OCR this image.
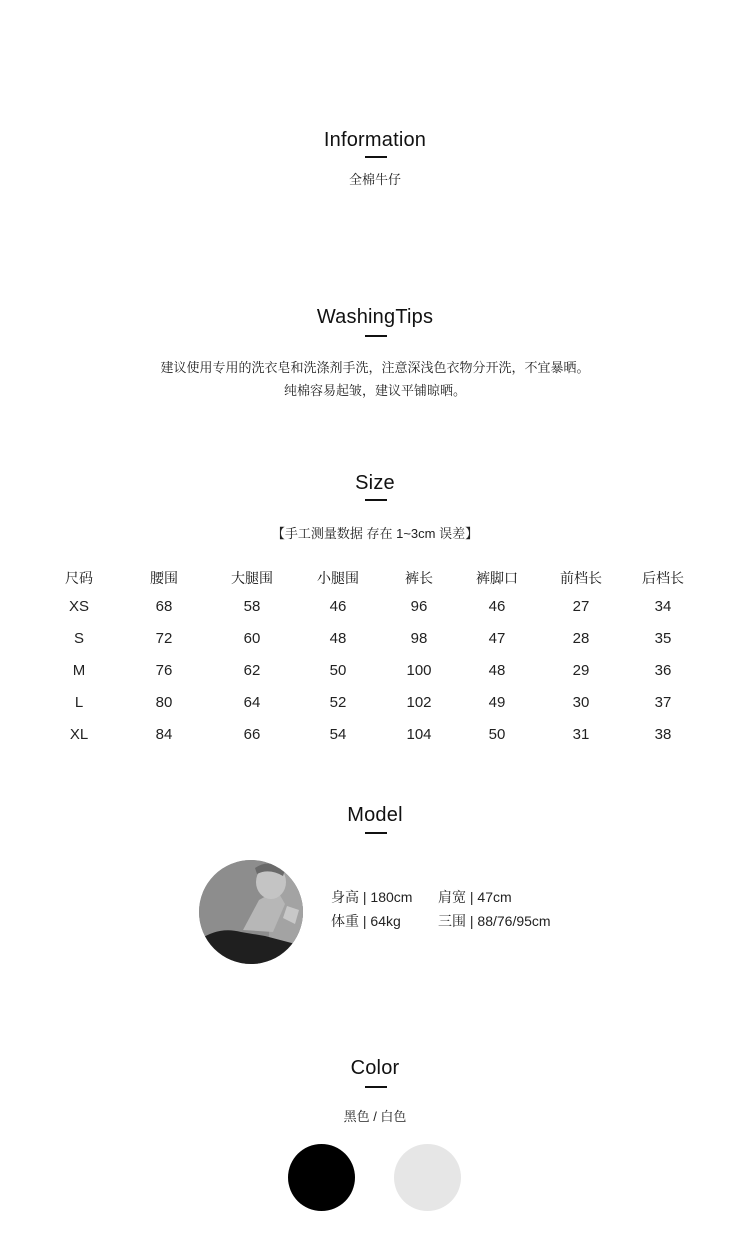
Information
全棉牛仔
WashingTips
建议使用专用的洗衣皂和洗涤剂手洗，注意深浅色衣物分开洗，不宜暴晒。
纯棉容易起皱，建议平铺晾晒。
Size
【手工测量数据 存在 1~3cm 误差】
尺码	腰围	大腿围	小腿围	裤长	裤脚口	前档长	后档长
XS	68	58	46	96	46	27	34
S	72	60	48	98	47	28	35
M	76	62	50	100	48	29	36
L	80	64	52	102	49	30	37
XL	84	66	54	104	50	31	38
Model
身高 | 180cm 肩宽 | 47cm
体重 | 64kg	三围 | 88/76/95cm
Color
黑色 / 白色
